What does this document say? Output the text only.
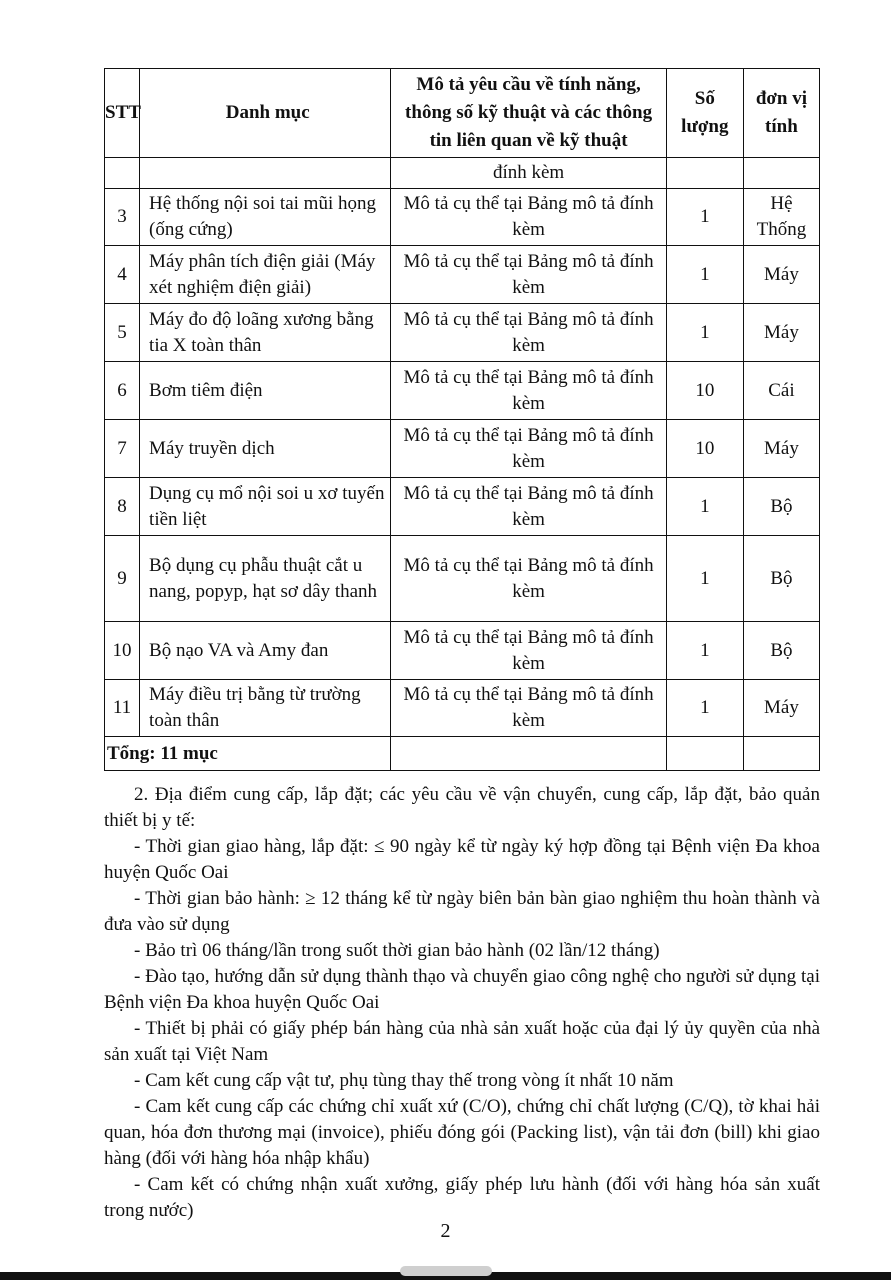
STT	Danh mục	Mô tả yêu cầu về tính năng, thông số kỹ thuật và các thông tin liên quan về kỹ thuật	Số lượng	đơn vị tính
		đính kèm		
3	Hệ thống nội soi tai mũi họng (ống cứng)	Mô tả cụ thể tại Bảng mô tả đính kèm	1	Hệ Thống
4	Máy phân tích điện giải (Máy xét nghiệm điện giải)	Mô tả cụ thể tại Bảng mô tả đính kèm	1	Máy
5	Máy đo độ loãng xương bằng tia X toàn thân	Mô tả cụ thể tại Bảng mô tả đính kèm	1	Máy
6	Bơm tiêm điện	Mô tả cụ thể tại Bảng mô tả đính kèm	10	Cái
7	Máy truyền dịch	Mô tả cụ thể tại Bảng mô tả đính kèm	10	Máy
8	Dụng cụ mổ nội soi u xơ tuyến tiền liệt	Mô tả cụ thể tại Bảng mô tả đính kèm	1	Bộ
9	Bộ dụng cụ phẫu thuật cắt u nang, popyp, hạt sơ dây thanh	Mô tả cụ thể tại Bảng mô tả đính kèm	1	Bộ
10	Bộ nạo VA và Amy đan	Mô tả cụ thể tại Bảng mô tả đính kèm	1	Bộ
11	Máy điều trị bằng từ trường toàn thân	Mô tả cụ thể tại Bảng mô tả đính kèm	1	Máy
Tổng: 11 mục				

2. Địa điểm cung cấp, lắp đặt; các yêu cầu về vận chuyển, cung cấp, lắp đặt, bảo quản thiết bị y tế:

- Thời gian giao hàng, lắp đặt: ≤ 90 ngày kể từ ngày ký hợp đồng tại Bệnh viện Đa khoa huyện Quốc Oai

- Thời gian bảo hành: ≥ 12 tháng kể từ ngày biên bản bàn giao nghiệm thu hoàn thành và đưa vào sử dụng

- Bảo trì 06 tháng/lần trong suốt thời gian bảo hành (02 lần/12 tháng)

- Đào tạo, hướng dẫn sử dụng thành thạo và chuyển giao công nghệ cho người sử dụng tại Bệnh viện Đa khoa huyện Quốc Oai

- Thiết bị phải có giấy phép bán hàng của nhà sản xuất hoặc của đại lý ủy quyền của nhà sản xuất tại Việt Nam

- Cam kết cung cấp vật tư, phụ tùng thay thế trong vòng ít nhất 10 năm

- Cam kết cung cấp các chứng chỉ xuất xứ (C/O), chứng chỉ chất lượng (C/Q), tờ khai hải quan, hóa đơn thương mại (invoice), phiếu đóng gói (Packing list), vận tải đơn (bill) khi giao hàng (đối với hàng hóa nhập khẩu)

- Cam kết có chứng nhận xuất xưởng, giấy phép lưu hành (đối với hàng hóa sản xuất trong nước)

2
